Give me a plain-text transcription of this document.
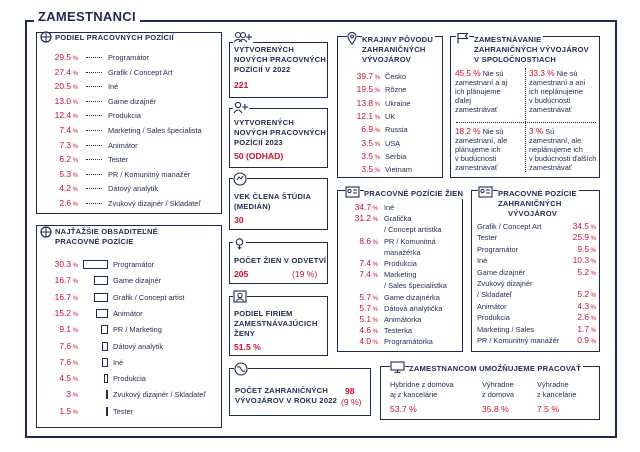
ZAMESTNANCI
PODIEL PRACOVNÝCH POZÍCIÍ
29.5 %	Programátor
27.4 %	Grafik / Concept Art
20.5 %	Iné
13.0 %	Game dizajnér
12.4 %	Produkcia
7.4 %	Marketing / Sales špecialista
7.3 %	Animátor
6.2 %	Tester
5.3 %	PR / Komunitný manažér
4.2 %	Dátový analytik
2.6 %	Zvukový dizajnér / Skladateľ
NAJŤAŽŠIE OBSADITEĽNÉ
PRACOVNÉ POZÍCIE
30.3 %	Programátor
16.7 %	Game dizajnér
16.7 %	Grafik / Concept artist
15.2 %	Animátor
9.1 %	PR / Marketing
7.6 %	Dátový analytik
7.6 %	Iné
4.5 %	Produkcia
3 %	Zvukový dizajnér / Skladateľ
1.5 %	Tester
VYTVORENÝCH
NOVÝCH PRACOVNÝCH
POZÍCIÍ V 2022
221
VYTVORENÝCH
NOVÝCH PRACOVNÝCH
POZÍCIÍ 2023
50 (ODHAD)
VEK ČLENA ŠTÚDIA
(MEDIÁN)
30
POČET ŽIEN V ODVETVÍ
205	(19 %)
PODIEL FIRIEM
ZAMESTNÁVAJÚCICH
ŽENY
51.5 %
POČET ZAHRANIČNÝCH
VÝVOJÁROV V ROKU 2022
98
(9 %)
KRAJINY PÔVODU
ZAHRANIČNÝCH
VÝVOJÁROV
39.7 % Česko
19.5 % Rôzne
13.8 % Ukraine
12.1 % UK
6.9 % Russia
3.5 % USA
3.5 % Serbia
3.5 % Vietnam
ZAMESTNÁVANIE
ZAHRANIČNÝCH VÝVOJÁROV
V SPOLOČNOSTIACH
45.5 % Nie sú
zamestnaní a aj
ich plánujeme
ďalej
zamestnávať
33.3 % Nie sú
zamestnaní a ani
ich neplánujeme
v budúcnosti
zamestnávať
18.2 % Nie sú
zamestnaní, ale
plánujeme ich
v budúcnosti
zamestnávať
3 % Sú
zamestnaní, ale
neplánujeme ich
v budúcnosti ďalších
zamestnávať
PRACOVNÉ POZÍCIE ŽIEN
34.7 % Iné
31.2 % Grafička
/ Concept artistka
8.6 % PR / Komunitná
manažérka
7.4 % Produkcia
7.4 % Marketing
/ Sales špecialistka
5.7 % Game dizajnérka
5.7 % Dátová analytička
5.1 % Animátorka
4.6 % Testerka
4.0 % Programátorka
PRACOVNÉ POZÍCIE
ZAHRANIČNÝCH
VÝVOJÁROV
Grafik / Concept Art	34.5 %
Tester	25.9 %
Programátor	9.5 %
Iné	10.3 %
Game dizajnér	5.2 %
Zvukový dizajnér
/ Skladateľ	5.2 %
Animátor	4.3 %
Produkcia	2.6 %
Marketing / Sales	1.7 %
PR / Komunitný manažér	0.9 %
ZAMESTNANCOM UMOŽŇUJEME PRACOVAŤ
Hybridne z domova
aj z kancelárie
53.7 %
Výhradne
z domova
35.8 %
Výhradne
z kancelárie
7.5 %
